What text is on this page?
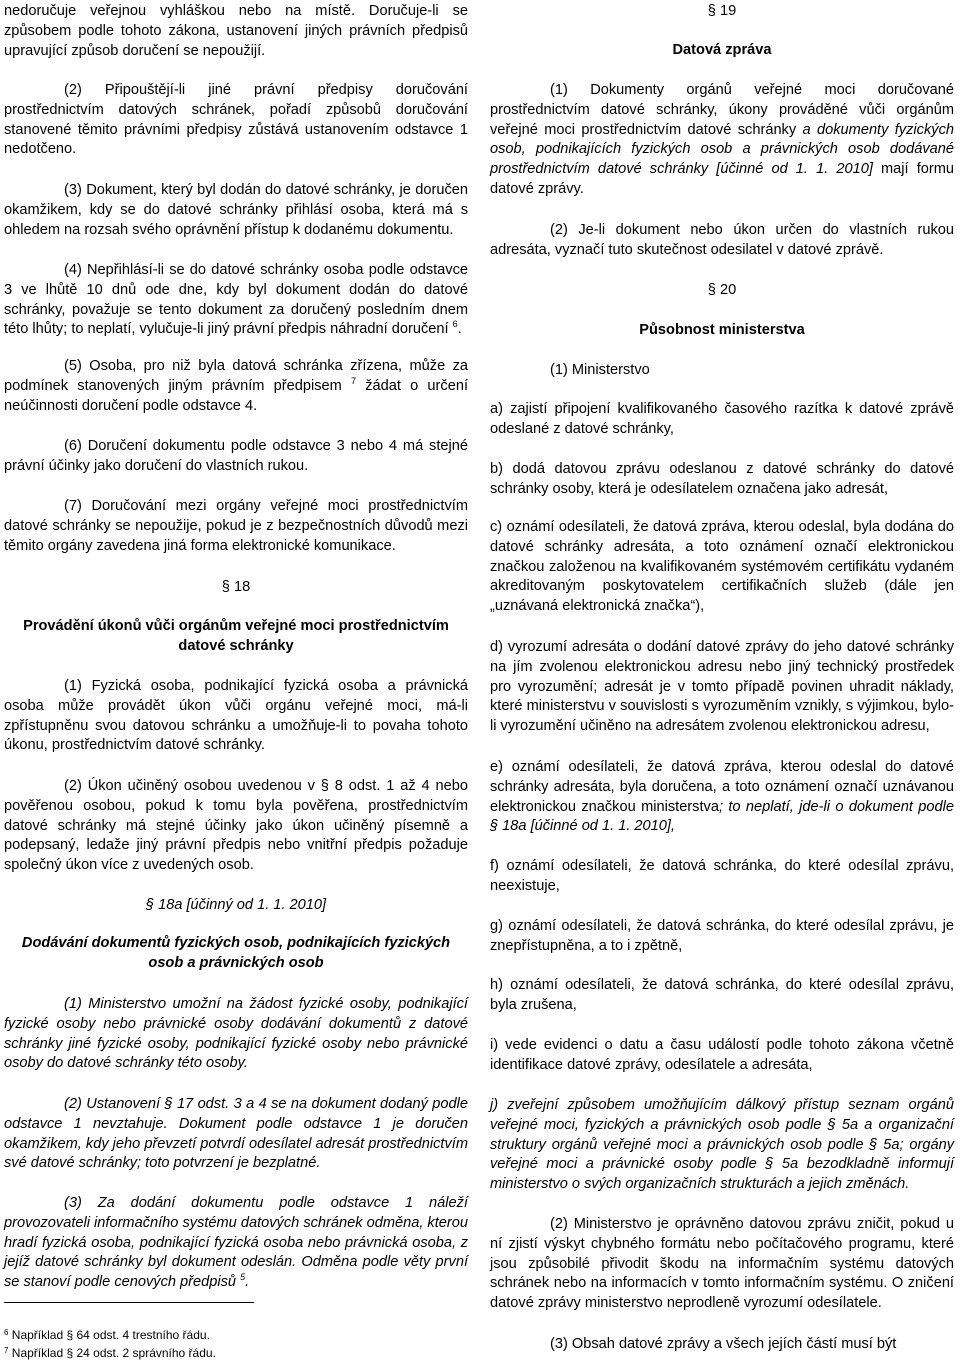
nedoručuje veřejnou vyhláškou nebo na místě. Doručuje-li se způsobem podle tohoto zákona, ustanovení jiných právních předpisů upravující způsob doručení se nepoužijí.

(2) Připouštějí-li jiné právní předpisy doručování prostřednictvím datových schránek, pořadí způsobů doručování stanovené těmito právními předpisy zůstává ustanovením odstavce 1 nedotčeno.

(3) Dokument, který byl dodán do datové schránky, je doručen okamžikem, kdy se do datové schránky přihlásí osoba, která má s ohledem na rozsah svého oprávnění přístup k dodanému dokumentu.

(4) Nepřihlásí-li se do datové schránky osoba podle odstavce 3 ve lhůtě 10 dnů ode dne, kdy byl dokument dodán do datové schránky, považuje se tento dokument za doručený posledním dnem této lhůty; to neplatí, vylučuje-li jiný právní předpis náhradní doručení $^6$.

(5) Osoba, pro niž byla datová schránka zřízena, může za podmínek stanovených jiným právním předpisem $^7$ žádat o určení neúčinnosti doručení podle odstavce 4.

(6) Doručení dokumentu podle odstavce 3 nebo 4 má stejné právní účinky jako doručení do vlastních rukou.

(7) Doručování mezi orgány veřejné moci prostřednictvím datové schránky se nepoužije, pokud je z bezpečnostních důvodů mezi těmito orgány zavedena jiná forma elektronické komunikace.

§ 18

Provádění úkonů vůči orgánům veřejné moci prostřednictvím datové schránky

(1) Fyzická osoba, podnikající fyzická osoba a právnická osoba může provádět úkon vůči orgánu veřejné moci, má-li zpřístupněnu svou datovou schránku a umožňuje-li to povaha tohoto úkonu, prostřednictvím datové schránky.

(2) Úkon učiněný osobou uvedenou v § 8 odst. 1 až 4 nebo pověřenou osobou, pokud k tomu byla pověřena, prostřednictvím datové schránky má stejné účinky jako úkon učiněný písemně a podepsaný, ledaže jiný právní předpis nebo vnitřní předpis požaduje společný úkon více z uvedených osob.

§ 18a [účinný od 1. 1. 2010]

Dodávání dokumentů fyzických osob, podnikajících fyzických osob a právnických osob

(1) Ministerstvo umožní na žádost fyzické osoby, podnikající fyzické osoby nebo právnické osoby dodávání dokumentů z datové schránky jiné fyzické osoby, podnikající fyzické osoby nebo právnické osoby do datové schránky této osoby.

(2) Ustanovení § 17 odst. 3 a 4 se na dokument dodaný podle odstavce 1 nevztahuje. Dokument podle odstavce 1 je doručen okamžikem, kdy jeho převzetí potvrdí odesílatel adresát prostřednictvím své datové schránky; toto potvrzení je bezplatné.

(3) Za dodání dokumentu podle odstavce 1 náleží provozovateli informačního systému datových schránek odměna, kterou hradí fyzická osoba, podnikající fyzická osoba nebo právnická osoba, z jejíž datové schránky byl dokument odeslán. Odměna podle věty první se stanoví podle cenových předpisů $^5$.

$^6$ Například § 64 odst. 4 trestního řádu.
$^7$ Například § 24 odst. 2 správního řádu.

§ 19

Datová zpráva

(1) Dokumenty orgánů veřejné moci doručované prostřednictvím datové schránky, úkony prováděné vůči orgánům veřejné moci prostřednictvím datové schránky a dokumenty fyzických osob, podnikajících fyzických osob a právnických osob dodávané prostřednictvím datové schránky [účinné od 1. 1. 2010] mají formu datové zprávy.

(2) Je-li dokument nebo úkon určen do vlastních rukou adresáta, vyznačí tuto skutečnost odesilatel v datové zprávě.

§ 20

Působnost ministerstva

(1) Ministerstvo

a) zajistí připojení kvalifikovaného časového razítka k datové zprávě odeslané z datové schránky,

b) dodá datovou zprávu odeslanou z datové schránky do datové schránky osoby, která je odesílatelem označena jako adresát,

c) oznámí odesílateli, že datová zpráva, kterou odeslal, byla dodána do datové schránky adresáta, a toto oznámení označí elektronickou značkou založenou na kvalifikovaném systémovém certifikátu vydaném akreditovaným poskytovatelem certifikačních služeb (dále jen „uznávaná elektronická značka“),

d) vyrozumí adresáta o dodání datové zprávy do jeho datové schránky na jím zvolenou elektronickou adresu nebo jiný technický prostředek pro vyrozumění; adresát je v tomto případě povinen uhradit náklady, které ministerstvu v souvislosti s vyrozuměním vznikly, s výjimkou, bylo-li vyrozumění učiněno na adresátem zvolenou elektronickou adresu,

e) oznámí odesílateli, že datová zpráva, kterou odeslal do datové schránky adresáta, byla doručena, a toto oznámení označí uznávanou elektronickou značkou ministerstva; to neplatí, jde-li o dokument podle § 18a [účinné od 1. 1. 2010],

f) oznámí odesílateli, že datová schránka, do které odesílal zprávu, neexistuje,

g) oznámí odesílateli, že datová schránka, do které odesílal zprávu, je znepřístupněna, a to i zpětně,

h) oznámí odesílateli, že datová schránka, do které odesílal zprávu, byla zrušena,

i) vede evidenci o datu a času událostí podle tohoto zákona včetně identifikace datové zprávy, odesílatele a adresáta,

j) zveřejní způsobem umožňujícím dálkový přístup seznam orgánů veřejné moci, fyzických a právnických osob podle § 5a a organizační struktury orgánů veřejné moci a právnických osob podle § 5a; orgány veřejné moci a právnické osoby podle § 5a bezodkladně informují ministerstvo o svých organizačních strukturách a jejich změnách.

(2) Ministerstvo je oprávněno datovou zprávu zničit, pokud u ní zjistí výskyt chybného formátu nebo počítačového programu, které jsou způsobilé přivodit škodu na informačním systému datových schránek nebo na informacích v tomto informačním systému. O zničení datové zprávy ministerstvo neprodleně vyrozumí odesílatele.

(3) Obsah datové zprávy a všech jejích částí musí být
